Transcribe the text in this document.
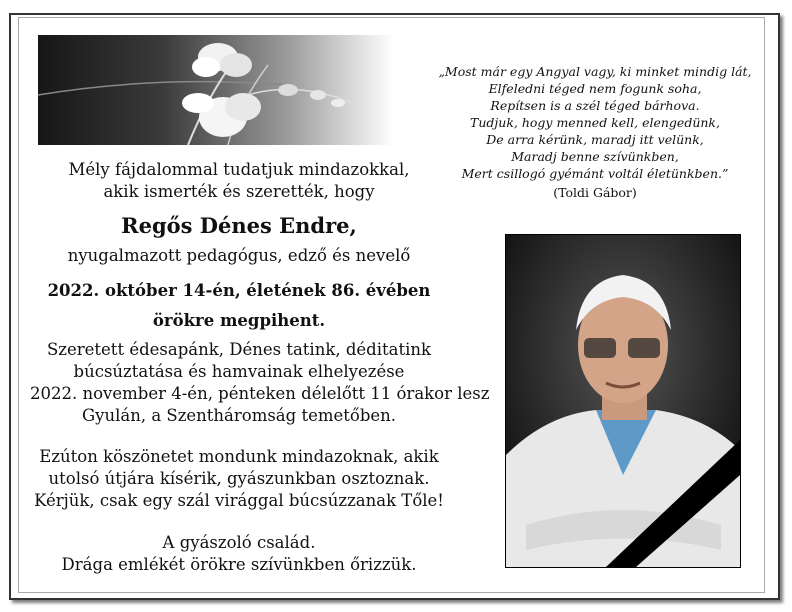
Mély fájdalommal tudatjuk mindazokkal,
akik ismerték és szerették, hogy
Regős Dénes Endre,
nyugalmazott pedagógus, edző és nevelő
2022. október 14-én, életének 86. évében
örökre megpihent.
Szeretett édesapánk, Dénes tatink, déditatink
búcsúztatása és hamvainak elhelyezése
2022. november 4-én, pénteken délelőtt 11 órakor lesz
Gyulán, a Szentháromság temetőben.
Ezúton köszönetet mondunk mindazoknak, akik
utolsó útjára kísérik, gyászunkban osztoznak.
Kérjük, csak egy szál virággal búcsúzzanak Tőle!
A gyászoló család.
Drága emlékét örökre szívünkben őrizzük.
„Most már egy Angyal vagy, ki minket mindig lát,
Elfeledni téged nem fogunk soha,
Repítsen is a szél téged bárhova.
Tudjuk, hogy menned kell, elengedünk,
De arra kérünk, maradj itt velünk,
Maradj benne szívünkben,
Mert csillogó gyémánt voltál életünkben.”
(Toldi Gábor)
